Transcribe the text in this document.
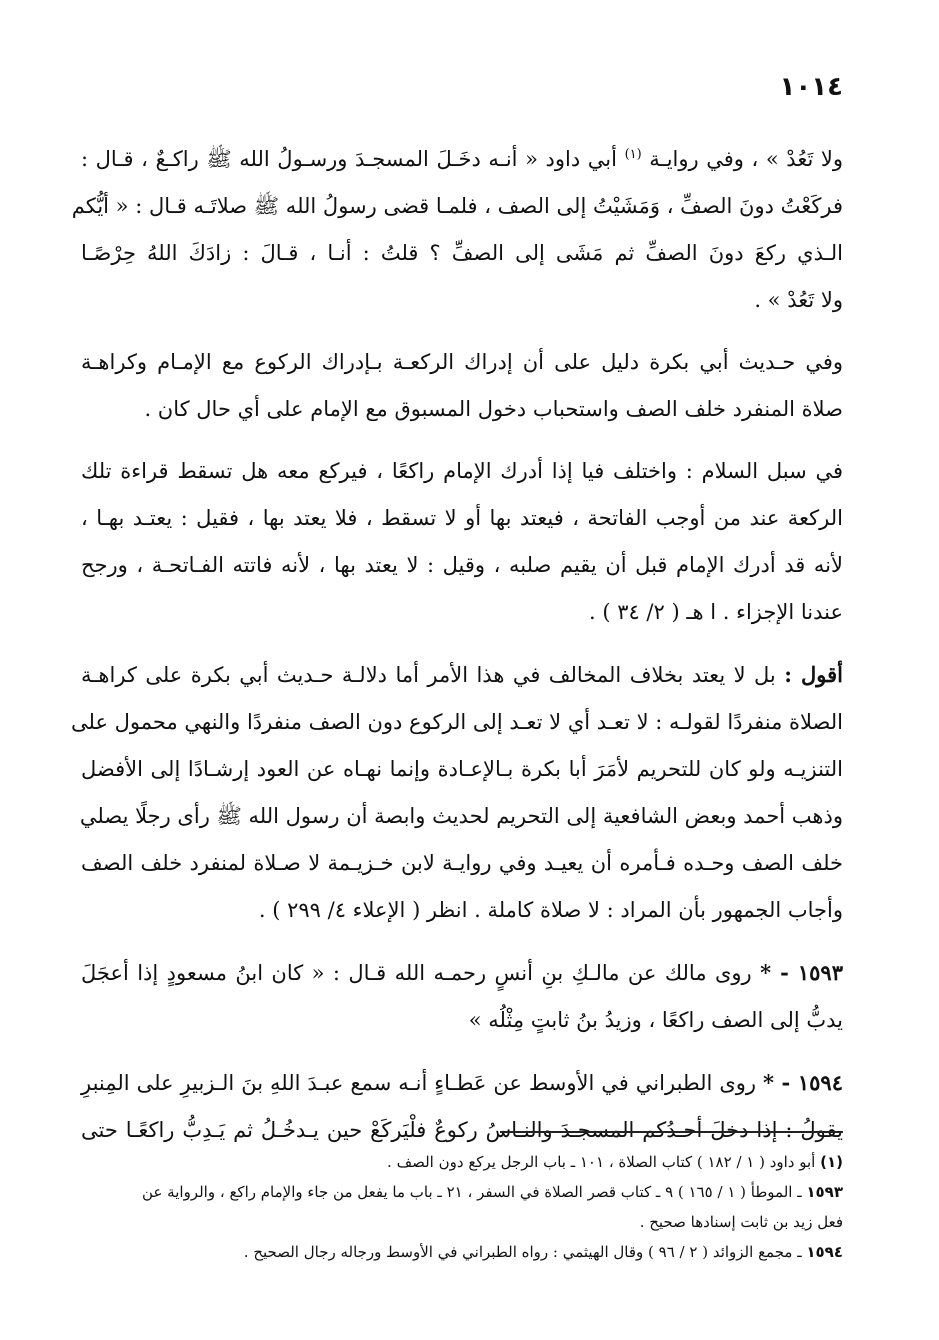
١٠١٤

ولا تَعُدْ » ، وفي روايـة $^{(١)}$ أبي داود « أنـه دخَـلَ المسجـدَ ورسـولُ الله ﷺ راكـعٌ ، قـال :
فركَعْتُ دونَ الصفِّ ، وَمَشَيْتُ إلى الصف ، فلمـا قضى رسولُ الله ﷺ صلاتَـه قـال : « أيُّكم
الـذي ركعَ دونَ الصفِّ ثم مَشَى إلى الصفِّ ؟ قلتُ : أنـا ، قـالَ : زادَكَ اللهُ حِرْصًـا
ولا تَعُدْ » .

وفي حـديث أبي بكرة دليل على أن إدراك الركعـة بـإدراك الركوع مع الإمـام وكراهـة
صلاة المنفرد خلف الصف واستحباب دخول المسبوق مع الإمام على أي حال كان .

في سبل السلام : واختلف فيا إذا أدرك الإمام راكعًا ، فيركع معه هل تسقط قراءة تلك
الركعة عند من أوجب الفاتحة ، فيعتد بها أو لا تسقط ، فلا يعتد بها ، فقيل : يعتـد بهـا ،
لأنه قد أدرك الإمام قبل أن يقيم صلبه ، وقيل : لا يعتد بها ، لأنه فاتته الفـاتحـة ، ورجح
عندنا الإجزاء . ا هـ ( ٢/ ٣٤ ) .

أقول : بل لا يعتد بخلاف المخالف في هذا الأمر أما دلالـة حـديث أبي بكرة على كراهـة
الصلاة منفردًا لقولـه : لا تعـد أي لا تعـد إلى الركوع دون الصف منفردًا والنهي محمول على
التنزيـه ولو كان للتحريم لأمَرَ أبا بكرة بـالإعـادة وإنما نهـاه عن العود إرشـادًا إلى الأفضل
وذهب أحمد وبعض الشافعية إلى التحريم لحديث وابصة أن رسول الله ﷺ رأى رجلًا يصلي
خلف الصف وحـده فـأمره أن يعيـد وفي روايـة لابن خـزيـمة لا صـلاة لمنفرد خلف الصف
وأجاب الجمهور بأن المراد : لا صلاة كاملة . انظر ( الإعلاء ٤/ ٢٩٩ ) .

١٥٩٣ - * روى مالك عن مالـكِ بنِ أنسٍ رحمـه الله قـال : « كان ابنُ مسعودٍ إذا أعجَلَ
يدبُّ إلى الصف راكعًا ، وزيدُ بنُ ثابتٍ مِثْلُه »

١٥٩٤ - * روى الطبراني في الأوسط عن عَطـاءٍ أنـه سمع عبـدَ اللهِ بنَ الـزبيرِ على المِنبرِ
يقولُ : إذا دخلَ أحـدُكم المسجـدَ والنـاسُ ركوعٌ فلْيَركَعْ حين يـدخُـلُ ثم يَـدِبُّ راكعًـا حتى

(١) أبو داود ( ١ / ١٨٢ ) كتاب الصلاة ، ١٠١ ـ باب الرجل يركع دون الصف .
١٥٩٣ ـ الموطأ ( ١ / ١٦٥ ) ٩ ـ كتاب قصر الصلاة في السفر ، ٢١ ـ باب ما يفعل من جاء والإمام راكع ، والرواية عن
فعل زيد بن ثابت إسنادها صحيح .
١٥٩٤ ـ مجمع الزوائد ( ٢ / ٩٦ ) وقال الهيثمي : رواه الطبراني في الأوسط ورجاله رجال الصحيح .
